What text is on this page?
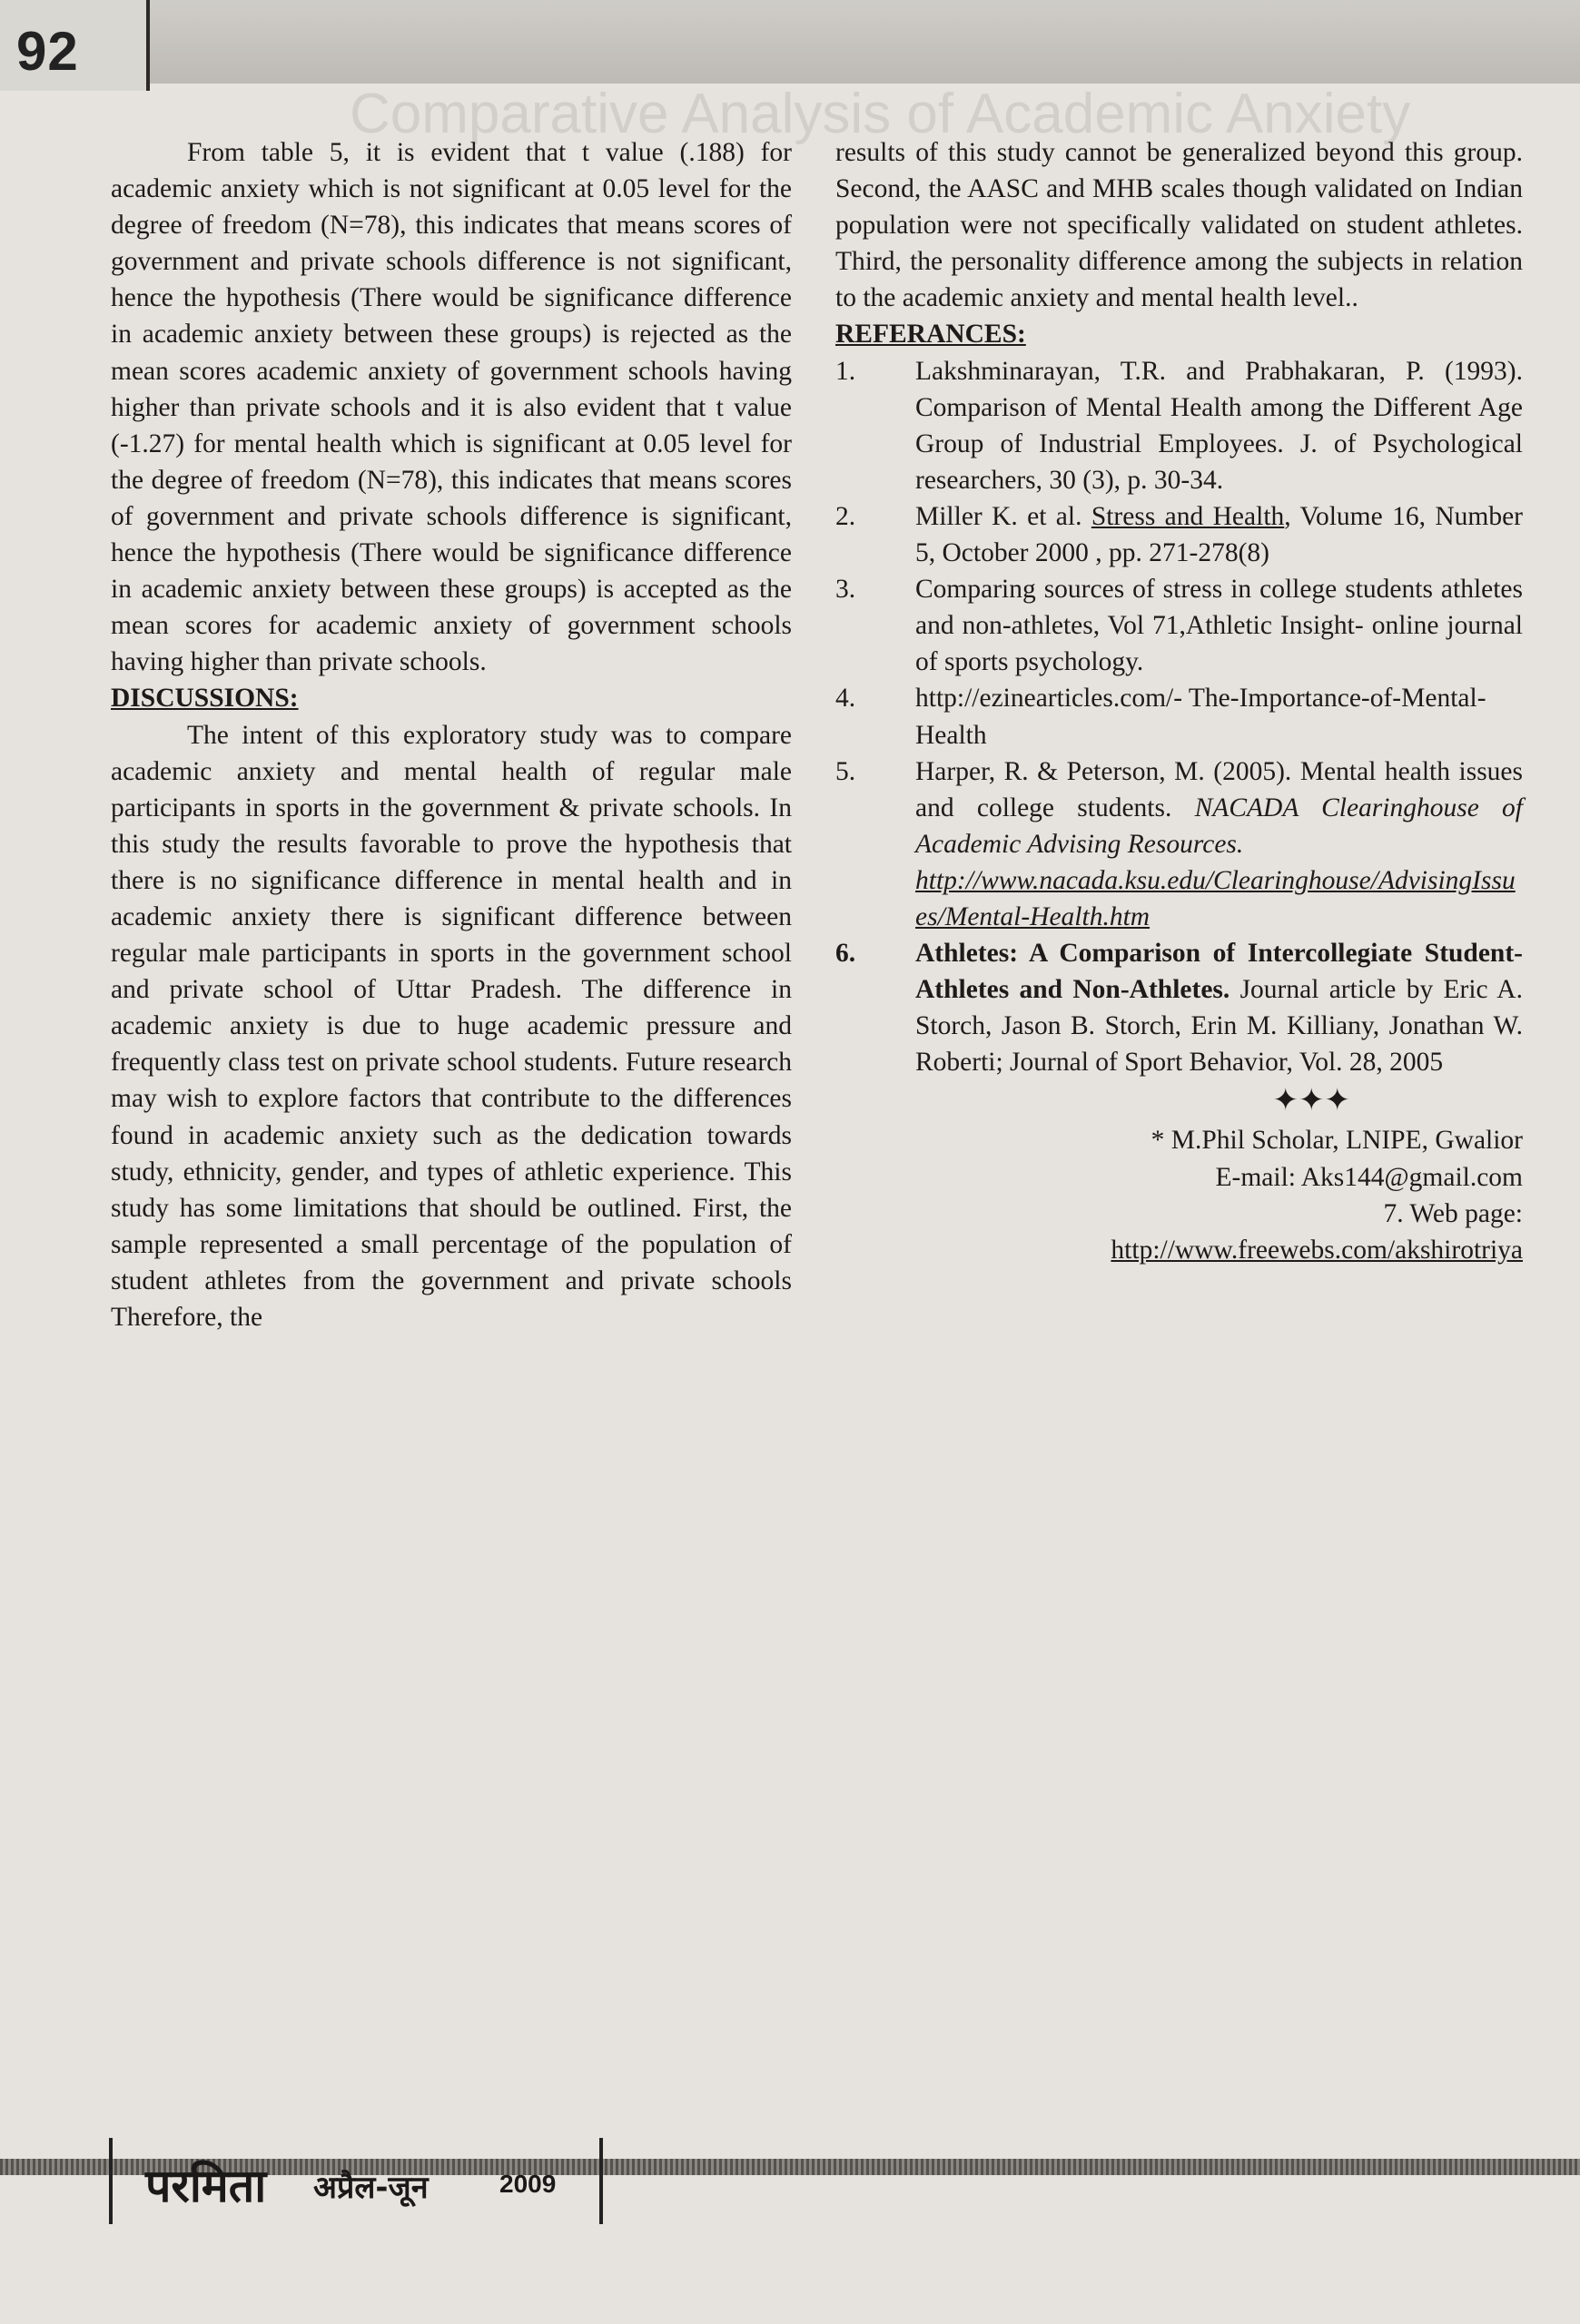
92
Comparative Analysis of Academic Anxiety

From table 5, it is evident that t value (.188) for academic anxiety which is not significant at 0.05 level for the degree of freedom (N=78), this indicates that means scores of government and private schools difference is not significant, hence the hypothesis (There would be significance difference in academic anxiety between these groups) is rejected as the mean scores academic anxiety of government schools having higher than private schools and it is also evident that t value (-1.27) for mental health which is significant at 0.05 level for the degree of freedom (N=78), this indicates that means scores of government and private schools difference is significant, hence the hypothesis (There would be significance difference in academic anxiety between these groups) is accepted as the mean scores for academic anxiety of government schools having higher than private schools.

DISCUSSIONS:

The intent of this exploratory study was to compare academic anxiety and mental health of regular male participants in sports in the government & private schools. In this study the results favorable to prove the hypothesis that there is no significance difference in mental health and in academic anxiety there is significant difference between regular male participants in sports in the government school and private school of Uttar Pradesh. The difference in academic anxiety is due to huge academic pressure and frequently class test on private school students. Future research may wish to explore factors that contribute to the differences found in academic anxiety such as the dedication towards study, ethnicity, gender, and types of athletic experience. This study has some limitations that should be outlined. First, the sample represented a small percentage of the population of student athletes from the government and private schools Therefore, the

results of this study cannot be generalized beyond this group. Second, the AASC and MHB scales though validated on Indian population were not specifically validated on student athletes. Third, the personality difference among the subjects in relation to the academic anxiety and mental health level..

REFERANCES:

1. Lakshminarayan, T.R. and Prabhakaran, P. (1993). Comparison of Mental Health among the Different Age Group of Industrial Employees. J. of Psychological researchers, 30 (3), p. 30-34.
2. Miller K. et al. Stress and Health, Volume 16, Number 5, October 2000 , pp. 271-278(8)
3. Comparing sources of stress in college students athletes and non-athletes, Vol 71,Athletic Insight- online journal of sports psychology.
4. http://ezinearticles.com/- The-Importance-of-Mental-Health
5. Harper, R. & Peterson, M. (2005). Mental health issues and college students. NACADA Clearinghouse of Academic Advising Resources.
http://www.nacada.ksu.edu/Clearinghouse/AdvisingIssues/Mental-Health.htm
6. Athletes: A Comparison of Intercollegiate Student-Athletes and Non-Athletes. Journal article by Eric A. Storch, Jason B. Storch, Erin M. Killiany, Jonathan W. Roberti; Journal of Sport Behavior, Vol. 28, 2005

✦✦✦

* M.Phil Scholar, LNIPE, Gwalior

E-mail: Aks144@gmail.com

7. Web page:

http://www.freewebs.com/akshirotriya

परमिता अप्रैल-जून	2009
